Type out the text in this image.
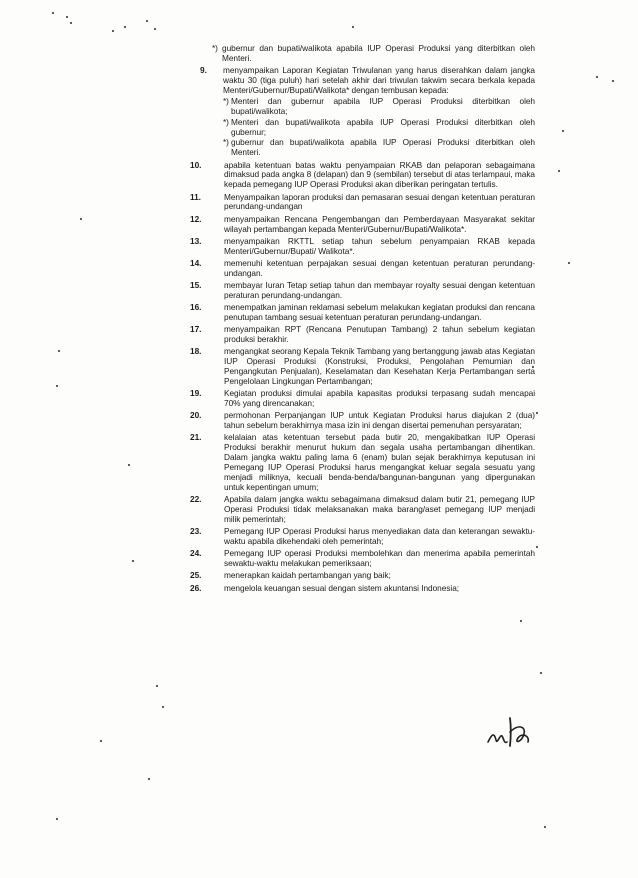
*) gubernur dan bupati/walikota apabila IUP Operasi Produksi yang diterbitkan oleh Menteri.
9. menyampaikan Laporan Kegiatan Triwulanan yang harus diserahkan dalam jangka waktu 30 (tiga puluh) hari setelah akhir dari triwulan takwim secara berkala kepada Menteri/Gubernur/Bupati/Walikota* dengan tembusan kepada:
*) Menteri dan gubernur apabila IUP Operasi Produksi diterbitkan oleh bupati/walikota;
*) Menteri dan bupati/walikota apabila IUP Operasi Produksi diterbitkan oleh gubernur;
*) gubernur dan bupati/walikota apabila IUP Operasi Produksi diterbitkan oleh Menteri.
10.	apabila ketentuan batas waktu penyampaian RKAB dan pelaporan sebagaimana dimaksud pada angka 8 (delapan) dan 9 (sembilan) tersebut di atas terlampaui, maka kepada pemegang IUP Operasi Produksi akan diberikan peringatan tertulis.
11.	Menyampaikan laporan produksi dan pemasaran sesuai dengan ketentuan peraturan perundang-undangan
12.	menyampaikan Rencana Pengembangan dan Pemberdayaan Masyarakat sekitar wilayah pertambangan kepada Menteri/Gubernur/Bupati/Walikota*.
13.	menyampaikan RKTTL setiap tahun sebelum penyampaian RKAB kepada Menteri/Gubernur/Bupati/ Walikota*.
14.	memenuhi ketentuan perpajakan sesuai dengan ketentuan peraturan perundang-undangan.
15.	membayar Iuran Tetap setiap tahun dan membayar royalty sesuai dengan ketentuan peraturan perundang-undangan.
16.	menempatkan jaminan reklamasi sebelum melakukan kegiatan produksi dan rencana penutupan tambang sesuai ketentuan peraturan perundang-undangan.
17.	menyampaikan RPT (Rencana Penutupan Tambang) 2 tahun sebelum kegiatan produksi berakhir.
18.	mengangkat seorang Kepala Teknik Tambang yang bertanggung jawab atas Kegiatan IUP Operasi Produksi (Konstruksi, Produksi, Pengolahan Pemurnian dan Pengangkutan Penjualan), Keselamatan dan Kesehatan Kerja Pertambangan serta Pengelolaan Lingkungan Pertambangan;
19.	Kegiatan produksi dimulai apabila kapasitas produksi terpasang sudah mencapai 70% yang direncanakan;
20.	permohonan Perpanjangan IUP untuk Kegiatan Produksi harus diajukan 2 (dua) tahun sebelum berakhirnya masa izin ini dengan disertai pemenuhan persyaratan;
21.	kelalaian atas ketentuan tersebut pada butir 20, mengakibatkan IUP Operasi Produksi berakhir menurut hukum dan segala usaha pertambangan dihentikan. Dalam jangka waktu paling lama 6 (enam) bulan sejak berakhirnya keputusan ini Pemegang IUP Operasi Produksi harus mengangkat keluar segala sesuatu yang menjadi miliknya, kecuali benda-benda/bangunan-bangunan yang dipergunakan untuk kepentingan umum;
22.	Apabila dalam jangka waktu sebagaimana dimaksud dalam butir 21, pemegang IUP Operasi Produksi tidak melaksanakan maka barang/aset pemegang IUP menjadi milik pemerintah;
23.	Pemegang IUP Operasi Produksi harus menyediakan data dan keterangan sewaktu-waktu apabila dikehendaki oleh pemerintah;
24.	Pemegang IUP operasi Produksi membolehkan dan menerima apabila pemerintah sewaktu-waktu melakukan pemeriksaan;
25.	menerapkan kaidah pertambangan yang baik;
26.	mengelola keuangan sesuai dengan sistem akuntansi Indonesia;
